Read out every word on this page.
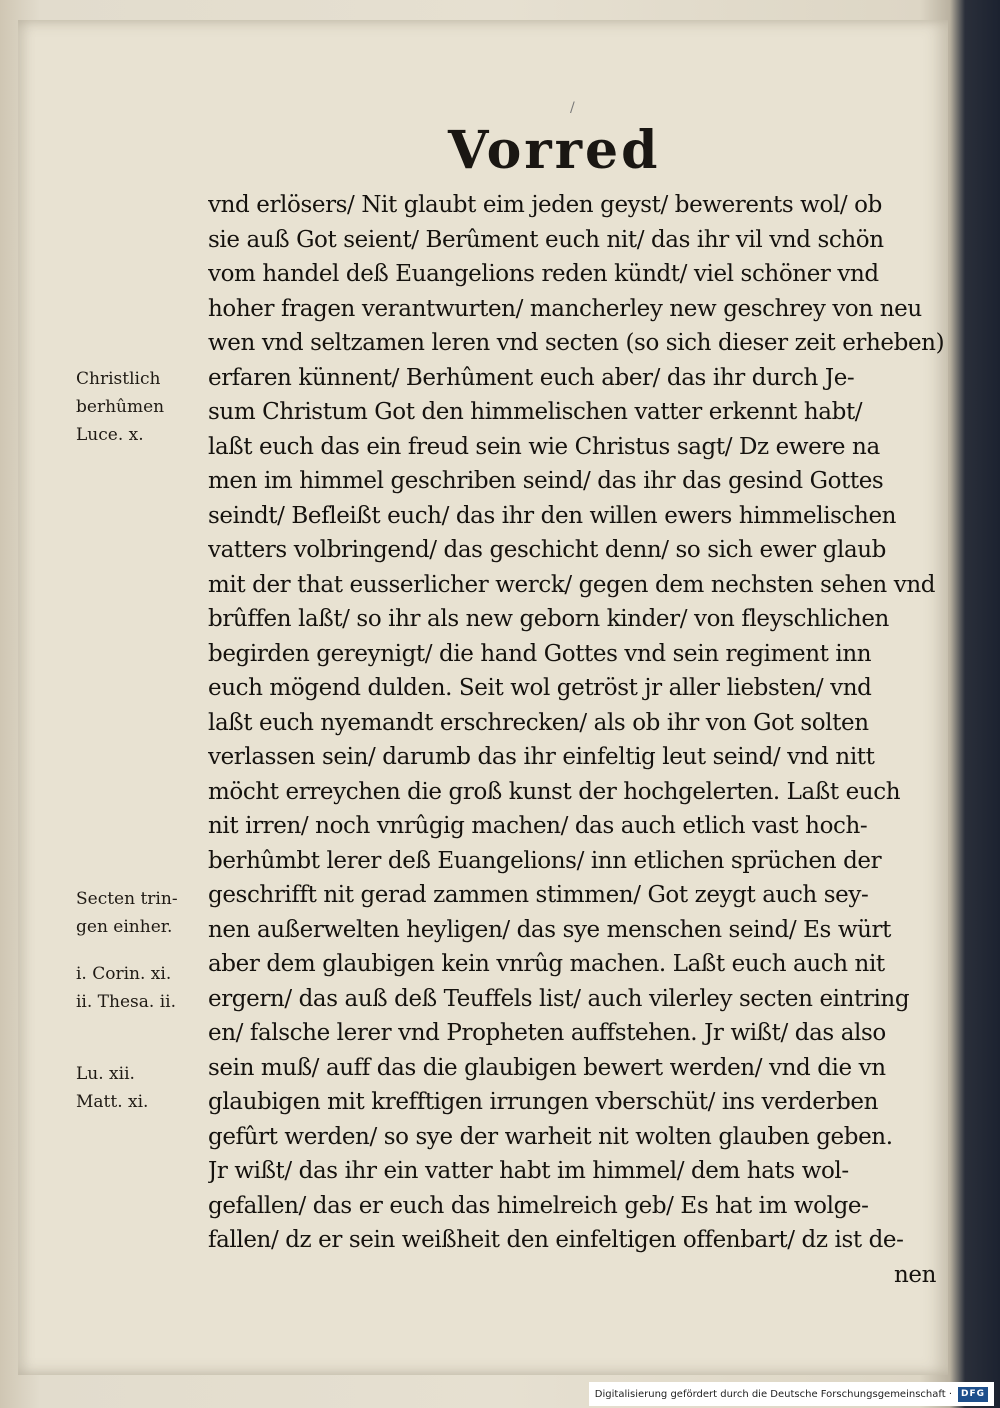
/
Vorred
Christlich
berhûmen
Luce. x.
Secten trin-
gen einher.
i. Corin. xi.
ii. Thesa. ii.
Lu. xii.
Matt. xi.
vnd erlösers/ Nit glaubt eim jeden geyst/ bewerents wol/ ob
sie auß Got seient/ Berûment euch nit/ das ihr vil vnd schön
vom handel deß Euangelions reden kündt/ viel schöner vnd
hoher fragen verantwurten/ mancherley new geschrey von neu
wen vnd seltzamen leren vnd secten (so sich dieser zeit erheben)
erfaren künnent/ Berhûment euch aber/ das ihr durch Je-
sum Christum Got den himmelischen vatter erkennt habt/
laßt euch das ein freud sein wie Christus sagt/ Dz ewere na
men im himmel geschriben seind/ das ihr das gesind Gottes
seindt/ Befleißt euch/ das ihr den willen ewers himmelischen
vatters volbringend/ das geschicht denn/ so sich ewer glaub
mit der that eusserlicher werck/ gegen dem nechsten sehen vnd
brûffen laßt/ so ihr als new geborn kinder/ von fleyschlichen
begirden gereynigt/ die hand Gottes vnd sein regiment inn
euch mögend dulden. Seit wol getröst jr aller liebsten/ vnd
laßt euch nyemandt erschrecken/ als ob ihr von Got solten
verlassen sein/ darumb das ihr einfeltig leut seind/ vnd nitt
möcht erreychen die groß kunst der hochgelerten. Laßt euch
nit irren/ noch vnrûgig machen/ das auch etlich vast hoch-
berhûmbt lerer deß Euangelions/ inn etlichen sprüchen der
geschrifft nit gerad zammen stimmen/ Got zeygt auch sey-
nen außerwelten heyligen/ das sye menschen seind/ Es würt
aber dem glaubigen kein vnrûg machen. Laßt euch auch nit
ergern/ das auß deß Teuffels list/ auch vilerley secten eintring
en/ falsche lerer vnd Propheten auffstehen. Jr wißt/ das also
sein muß/ auff das die glaubigen bewert werden/ vnd die vn
glaubigen mit krefftigen irrungen vberschüt/ ins verderben
gefûrt werden/ so sye der warheit nit wolten glauben geben.
Jr wißt/ das ihr ein vatter habt im himmel/ dem hats wol-
gefallen/ das er euch das himelreich geb/ Es hat im wolge-
fallen/ dz er sein weißheit den einfeltigen offenbart/ dz ist de-
nen
Digitalisierung gefördert durch die Deutsche Forschungsgemeinschaft · DFG
